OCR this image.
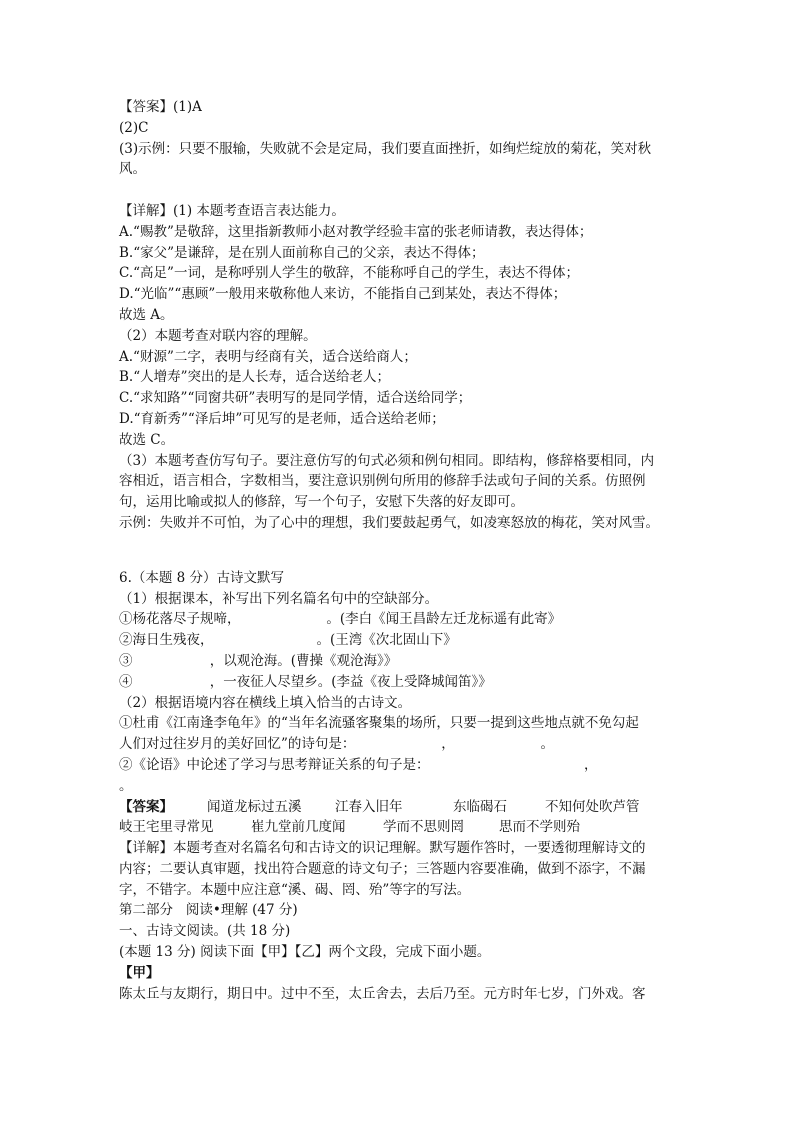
【答案】(1)A
(2)C
(3)示例：只要不服输，失败就不会是定局，我们要直面挫折，如绚烂绽放的菊花，笑对秋
风。
【详解】(1) 本题考查语言表达能力。
A.“赐教”是敬辞，这里指新教师小赵对教学经验丰富的张老师请教，表达得体；
B.“家父”是谦辞，是在别人面前称自己的父亲，表达不得体；
C.“高足”一词，是称呼别人学生的敬辞，不能称呼自己的学生，表达不得体；
D.“光临”“惠顾”一般用来敬称他人来访，不能指自己到某处，表达不得体；
故选 A。
（2）本题考查对联内容的理解。
A.“财源”二字，表明与经商有关，适合送给商人；
B.“人增寿”突出的是人长寿，适合送给老人；
C.“求知路”“同窗共研”表明写的是同学情，适合送给同学；
D.“育新秀”“泽后坤”可见写的是老师，适合送给老师；
故选 C。
（3）本题考查仿写句子。要注意仿写的句式必须和例句相同。即结构，修辞格要相同，内
容相近，语言相合，字数相当，要注意识别例句所用的修辞手法或句子间的关系。仿照例
句，运用比喻或拟人的修辞，写一个句子，安慰下失落的好友即可。
示例：失败并不可怕，为了心中的理想，我们要鼓起勇气，如凌寒怒放的梅花，笑对风雪。
6.（本题 8 分）古诗文默写
（1）根据课本，补写出下列名篇名句中的空缺部分。
①杨花落尽子规啼，                    。(李白《闻王昌龄左迁龙标遥有此寄》
②海日生残夜，                        。(王湾《次北固山下》
③                  ，以观沧海。(曹操《观沧海》》
④                  ，一夜征人尽望乡。(李益《夜上受降城闻笛》》
（2）根据语境内容在横线上填入恰当的古诗文。
①杜甫《江南逢李龟年》的“当年名流骚客聚集的场所，只要一提到这些地点就不免勾起
人们对过往岁月的美好回忆”的诗句是：                    ，                    。
②《论语》中论述了学习与思考辩证关系的句子是：                                    ，
。
【答案】	闻道龙标过五溪	江春入旧年	东临碣石	不知何处吹芦管
岐王宅里寻常见	崔九堂前几度闻	学而不思则罔	思而不学则殆
【详解】本题考查对名篇名句和古诗文的识记理解。默写题作答时，一要透彻理解诗文的
内容；二要认真审题，找出符合题意的诗文句子；三答题内容要准确，做到不添字，不漏
字，不错字。本题中应注意“溪、碣、罔、殆”等字的写法。
第二部分   阅读•理解 (47 分)
一、古诗文阅读。(共 18 分)
(本题 13 分) 阅读下面【甲】【乙】两个文段，完成下面小题。
【甲】
陈太丘与友期行，期日中。过中不至，太丘舍去，去后乃至。元方时年七岁，门外戏。客
